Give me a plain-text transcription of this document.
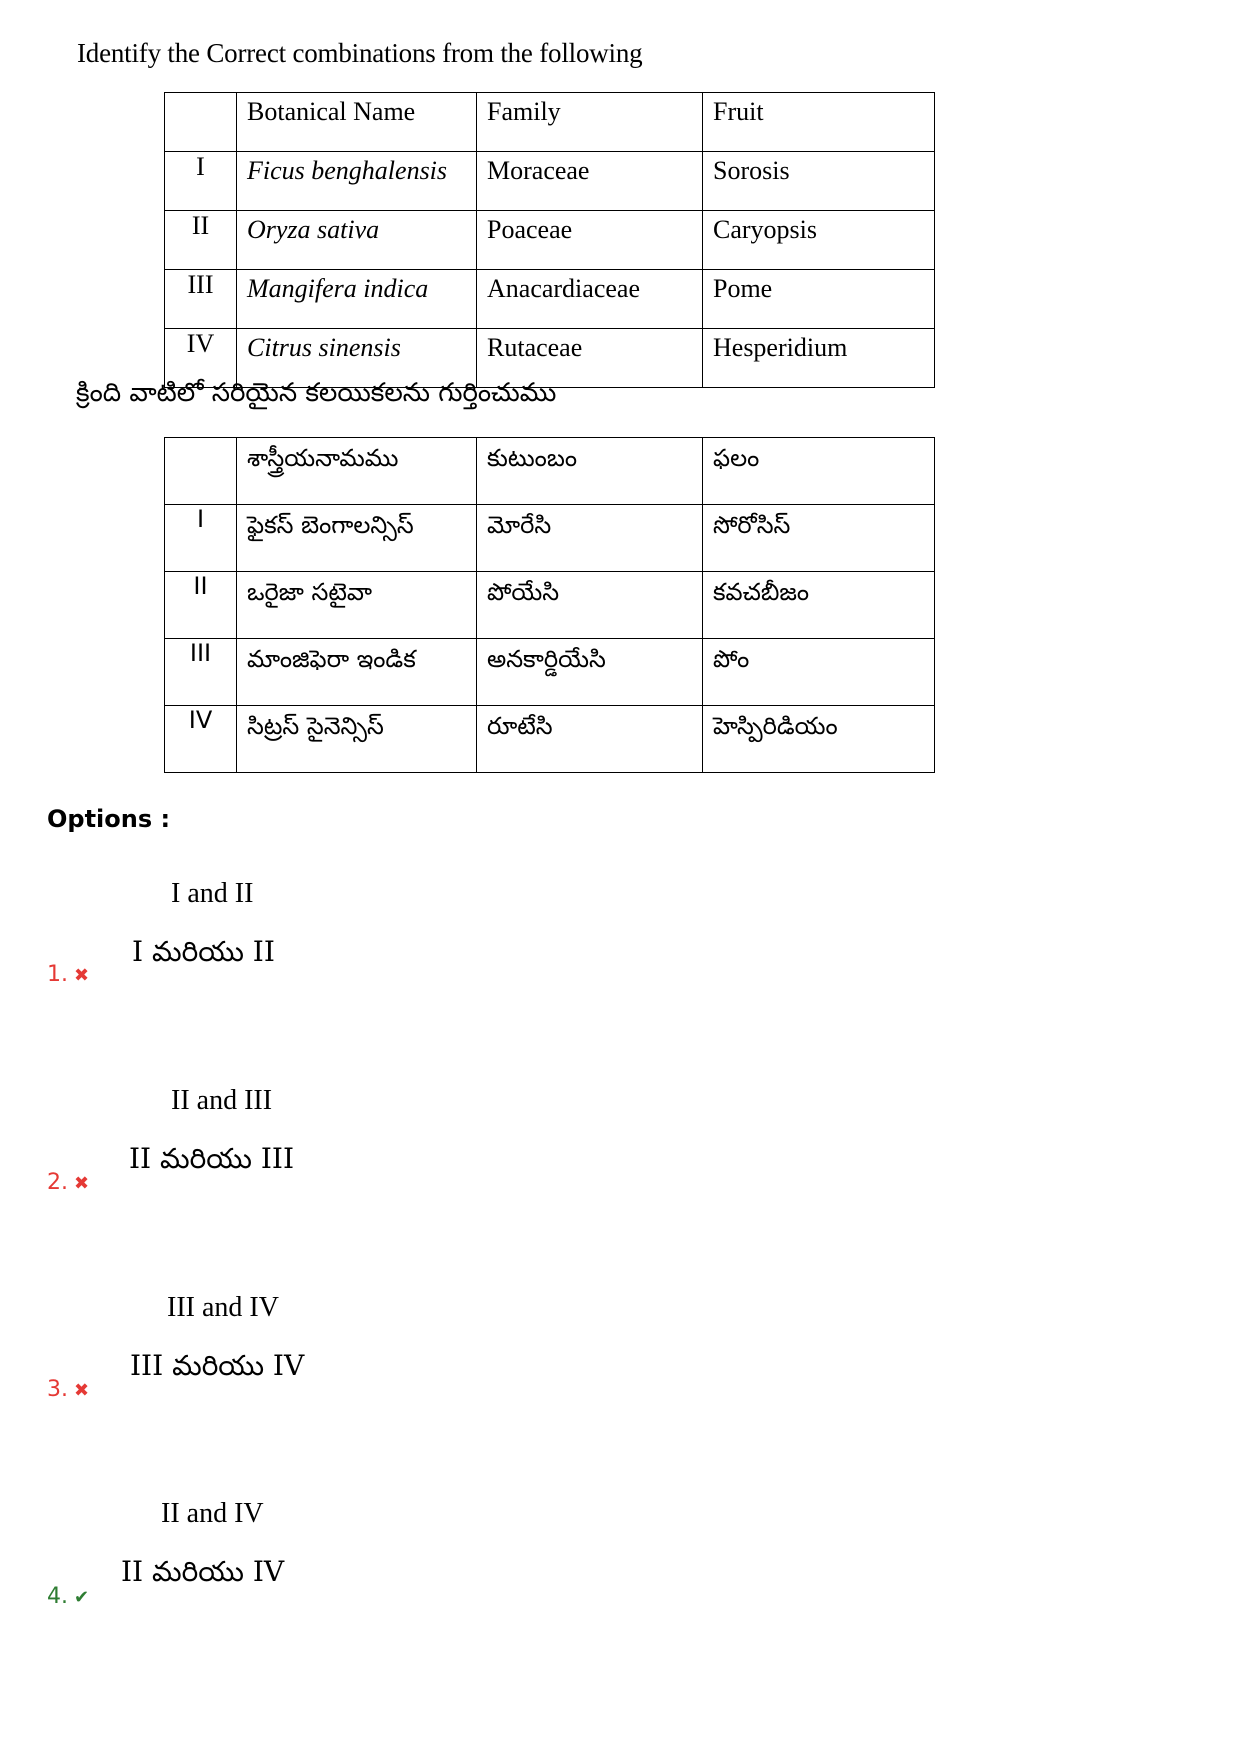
Identify the Correct combinations from the following
	Botanical Name	Family	Fruit
I	Ficus benghalensis	Moraceae	Sorosis
II	Oryza sativa	Poaceae	Caryopsis
III	Mangifera indica	Anacardiaceae	Pome
IV	Citrus sinensis	Rutaceae	Hesperidium
క్రింది వాటిలో సరియైన కలయికలను గుర్తించుము
	శాస్త్రీయనామము	కుటుంబం	ఫలం
I	ఫైకస్ బెంగాలన్సిస్	మోరేసి	సోరోసిస్
II	ఒరైజా సటైవా	పోయేసి	కవచబీజం
III	మాంజిఫెరా ఇండిక	అనకార్డియేసి	పోం
IV	సిట్రస్ సైనెన్సిస్	రూటేసి	హెస్పిరిడియం
Options :
I and II
I మరియు II
1. ✖
II and III
II మరియు III
2. ✖
III and IV
III మరియు IV
3. ✖
II and IV
II మరియు IV
4. ✔
